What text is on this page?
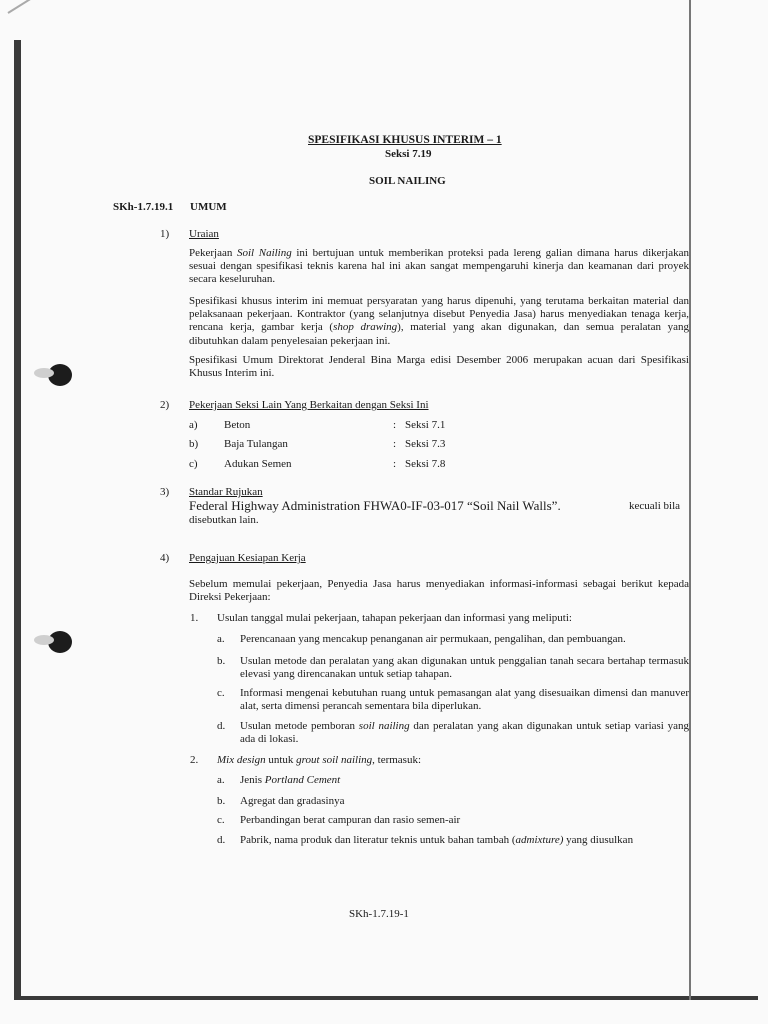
SPESIFIKASI KHUSUS INTERIM – 1
Seksi 7.19
SOIL NAILING
SKh-1.7.19.1 UMUM
1) Uraian
Pekerjaan Soil Nailing ini bertujuan untuk memberikan proteksi pada lereng galian dimana harus dikerjakan sesuai dengan spesifikasi teknis karena hal ini akan sangat mempengaruhi kinerja dan keamanan dari proyek secara keseluruhan.
Spesifikasi khusus interim ini memuat persyaratan yang harus dipenuhi, yang terutama berkaitan material dan pelaksanaan pekerjaan. Kontraktor (yang selanjutnya disebut Penyedia Jasa) harus menyediakan tenaga kerja, rencana kerja, gambar kerja (shop drawing), material yang akan digunakan, dan semua peralatan yang dibutuhkan dalam penyelesaian pekerjaan ini.
Spesifikasi Umum Direktorat Jenderal Bina Marga edisi Desember 2006 merupakan acuan dari Spesifikasi Khusus Interim ini.
2) Pekerjaan Seksi Lain Yang Berkaitan dengan Seksi Ini
a) Beton	: Seksi 7.1
b) Baja Tulangan	: Seksi 7.3
c) Adukan Semen	: Seksi 7.8
3) Standar Rujukan
Federal Highway Administration FHWA0-IF-03-017 “Soil Nail Walls”.	kecuali bila
disebutkan lain.
4) Pengajuan Kesiapan Kerja
Sebelum memulai pekerjaan, Penyedia Jasa harus menyediakan informasi-informasi sebagai berikut kepada Direksi Pekerjaan:
1. Usulan tanggal mulai pekerjaan, tahapan pekerjaan dan informasi yang meliputi:
a. Perencanaan yang mencakup penanganan air permukaan, pengalihan, dan pembuangan.
b. Usulan metode dan peralatan yang akan digunakan untuk penggalian tanah secara bertahap termasuk elevasi yang direncanakan untuk setiap tahapan.
c. Informasi mengenai kebutuhan ruang untuk pemasangan alat yang disesuaikan dimensi dan manuver alat, serta dimensi perancah sementara bila diperlukan.
d. Usulan metode pemboran soil nailing dan peralatan yang akan digunakan untuk setiap variasi yang ada di lokasi.
2. Mix design untuk grout soil nailing, termasuk:
a. Jenis Portland Cement
b. Agregat dan gradasinya
c. Perbandingan berat campuran dan rasio semen-air
d. Pabrik, nama produk dan literatur teknis untuk bahan tambah (admixture) yang diusulkan
SKh-1.7.19-1
